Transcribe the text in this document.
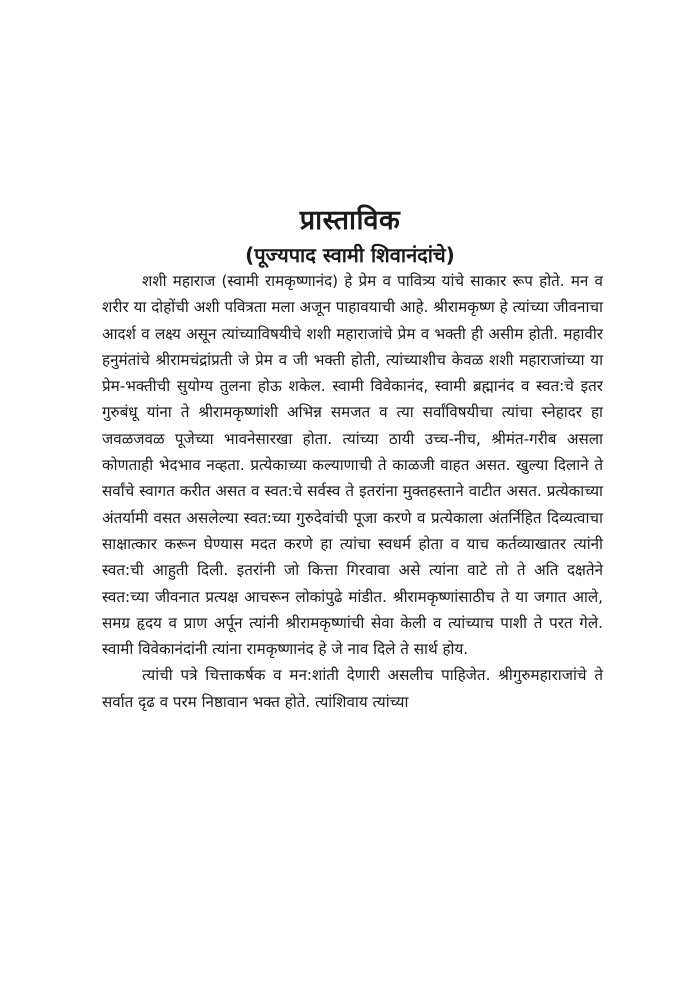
प्रास्ताविक
(पूज्यपाद स्वामी शिवानंदांचे)

शशी महाराज (स्वामी रामकृष्णानंद) हे प्रेम व पावित्र्य यांचे साकार रूप होते. मन व शरीर या दोहोंची अशी पवित्रता मला अजून पाहावयाची आहे. श्रीरामकृष्ण हे त्यांच्या जीवनाचा आदर्श व लक्ष्य असून त्यांच्याविषयीचे शशी महाराजांचे प्रेम व भक्ती ही असीम होती. महावीर हनुमंतांचे श्रीरामचंद्रांप्रती जे प्रेम व जी भक्ती होती, त्यांच्याशीच केवळ शशी महाराजांच्या या प्रेम-भक्तीची सुयोग्य तुलना होऊ शकेल. स्वामी विवेकानंद, स्वामी ब्रह्मानंद व स्वत:चे इतर गुरुबंधू यांना ते श्रीरामकृष्णांशी अभिन्न समजत व त्या सर्वांविषयीचा त्यांचा स्नेहादर हा जवळजवळ पूजेच्या भावनेसारखा होता. त्यांच्या ठायी उच्च-नीच, श्रीमंत-गरीब असला कोणताही भेदभाव नव्हता. प्रत्येकाच्या कल्याणाची ते काळजी वाहत असत. खुल्या दिलाने ते सर्वांचे स्वागत करीत असत व स्वत:चे सर्वस्व ते इतरांना मुक्तहस्ताने वाटीत असत. प्रत्येकाच्या अंतर्यामी वसत असलेल्या स्वत:च्या गुरुदेवांची पूजा करणे व प्रत्येकाला अंतर्निहित दिव्यत्वाचा साक्षात्कार करून घेण्यास मदत करणे हा त्यांचा स्वधर्म होता व याच कर्तव्याखातर त्यांनी स्वत:ची आहुती दिली. इतरांनी जो कित्ता गिरवावा असे त्यांना वाटे तो ते अति दक्षतेने स्वत:च्या जीवनात प्रत्यक्ष आचरून लोकांपुढे मांडीत. श्रीरामकृष्णांसाठीच ते या जगात आले, समग्र हृदय व प्राण अर्पून त्यांनी श्रीरामकृष्णांची सेवा केली व त्यांच्याच पाशी ते परत गेले. स्वामी विवेकानंदांनी त्यांना रामकृष्णानंद हे जे नाव दिले ते सार्थ होय.

त्यांची पत्रे चित्ताकर्षक व मन:शांती देणारी असलीच पाहिजेत. श्रीगुरुमहाराजांचे ते सर्वात दृढ व परम निष्ठावान भक्त होते. त्यांशिवाय त्यांच्या
